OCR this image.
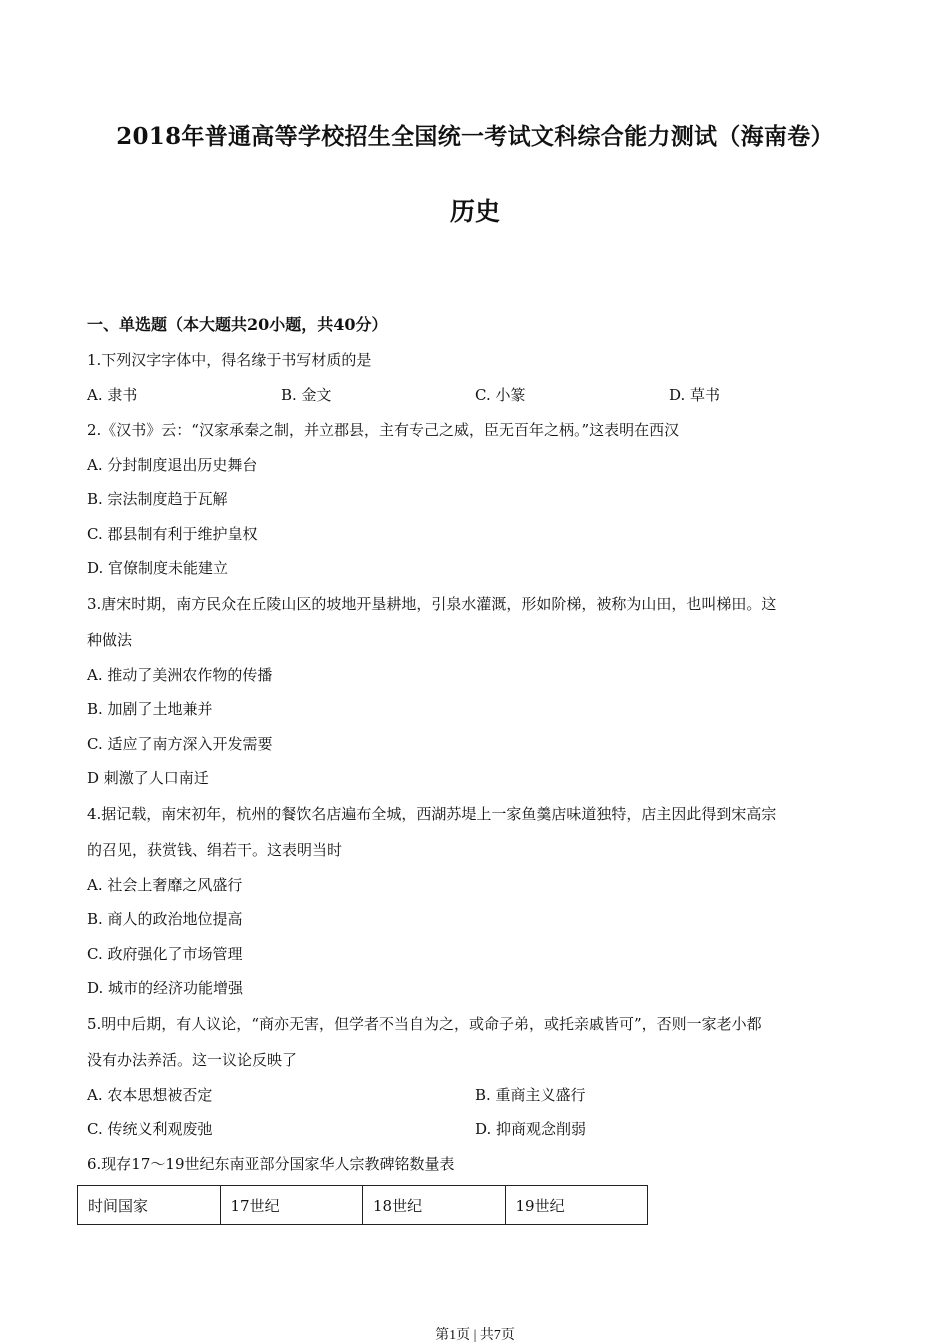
2018年普通高等学校招生全国统一考试文科综合能力测试（海南卷）
历史
一、单选题（本大题共20小题，共40分）
1.下列汉字字体中，得名缘于书写材质的是
A. 隶书	B. 金文	C. 小篆	D. 草书
2.《汉书》云：“汉家承秦之制，并立郡县，主有专己之威，臣无百年之柄。”这表明在西汉
A. 分封制度退出历史舞台
B. 宗法制度趋于瓦解
C. 郡县制有利于维护皇权
D. 官僚制度未能建立
3.唐宋时期，南方民众在丘陵山区的坡地开垦耕地，引泉水灌溉，形如阶梯，被称为山田，也叫梯田。这
种做法
A. 推动了美洲农作物的传播
B. 加剧了土地兼并
C. 适应了南方深入开发需要
D 刺激了人口南迁
4.据记载，南宋初年，杭州的餐饮名店遍布全城，西湖苏堤上一家鱼羹店味道独特，店主因此得到宋高宗
的召见，获赏钱、绢若干。这表明当时
A. 社会上奢靡之风盛行
B. 商人的政治地位提高
C. 政府强化了市场管理
D. 城市的经济功能增强
5.明中后期，有人议论，“商亦无害，但学者不当自为之，或命子弟，或托亲戚皆可”，否则一家老小都
没有办法养活。这一议论反映了
A. 农本思想被否定	B. 重商主义盛行
C. 传统义利观废弛	D. 抑商观念削弱
6.现存17～19世纪东南亚部分国家华人宗教碑铭数量表
时间国家	17世纪	18世纪	19世纪
第1页 | 共7页
